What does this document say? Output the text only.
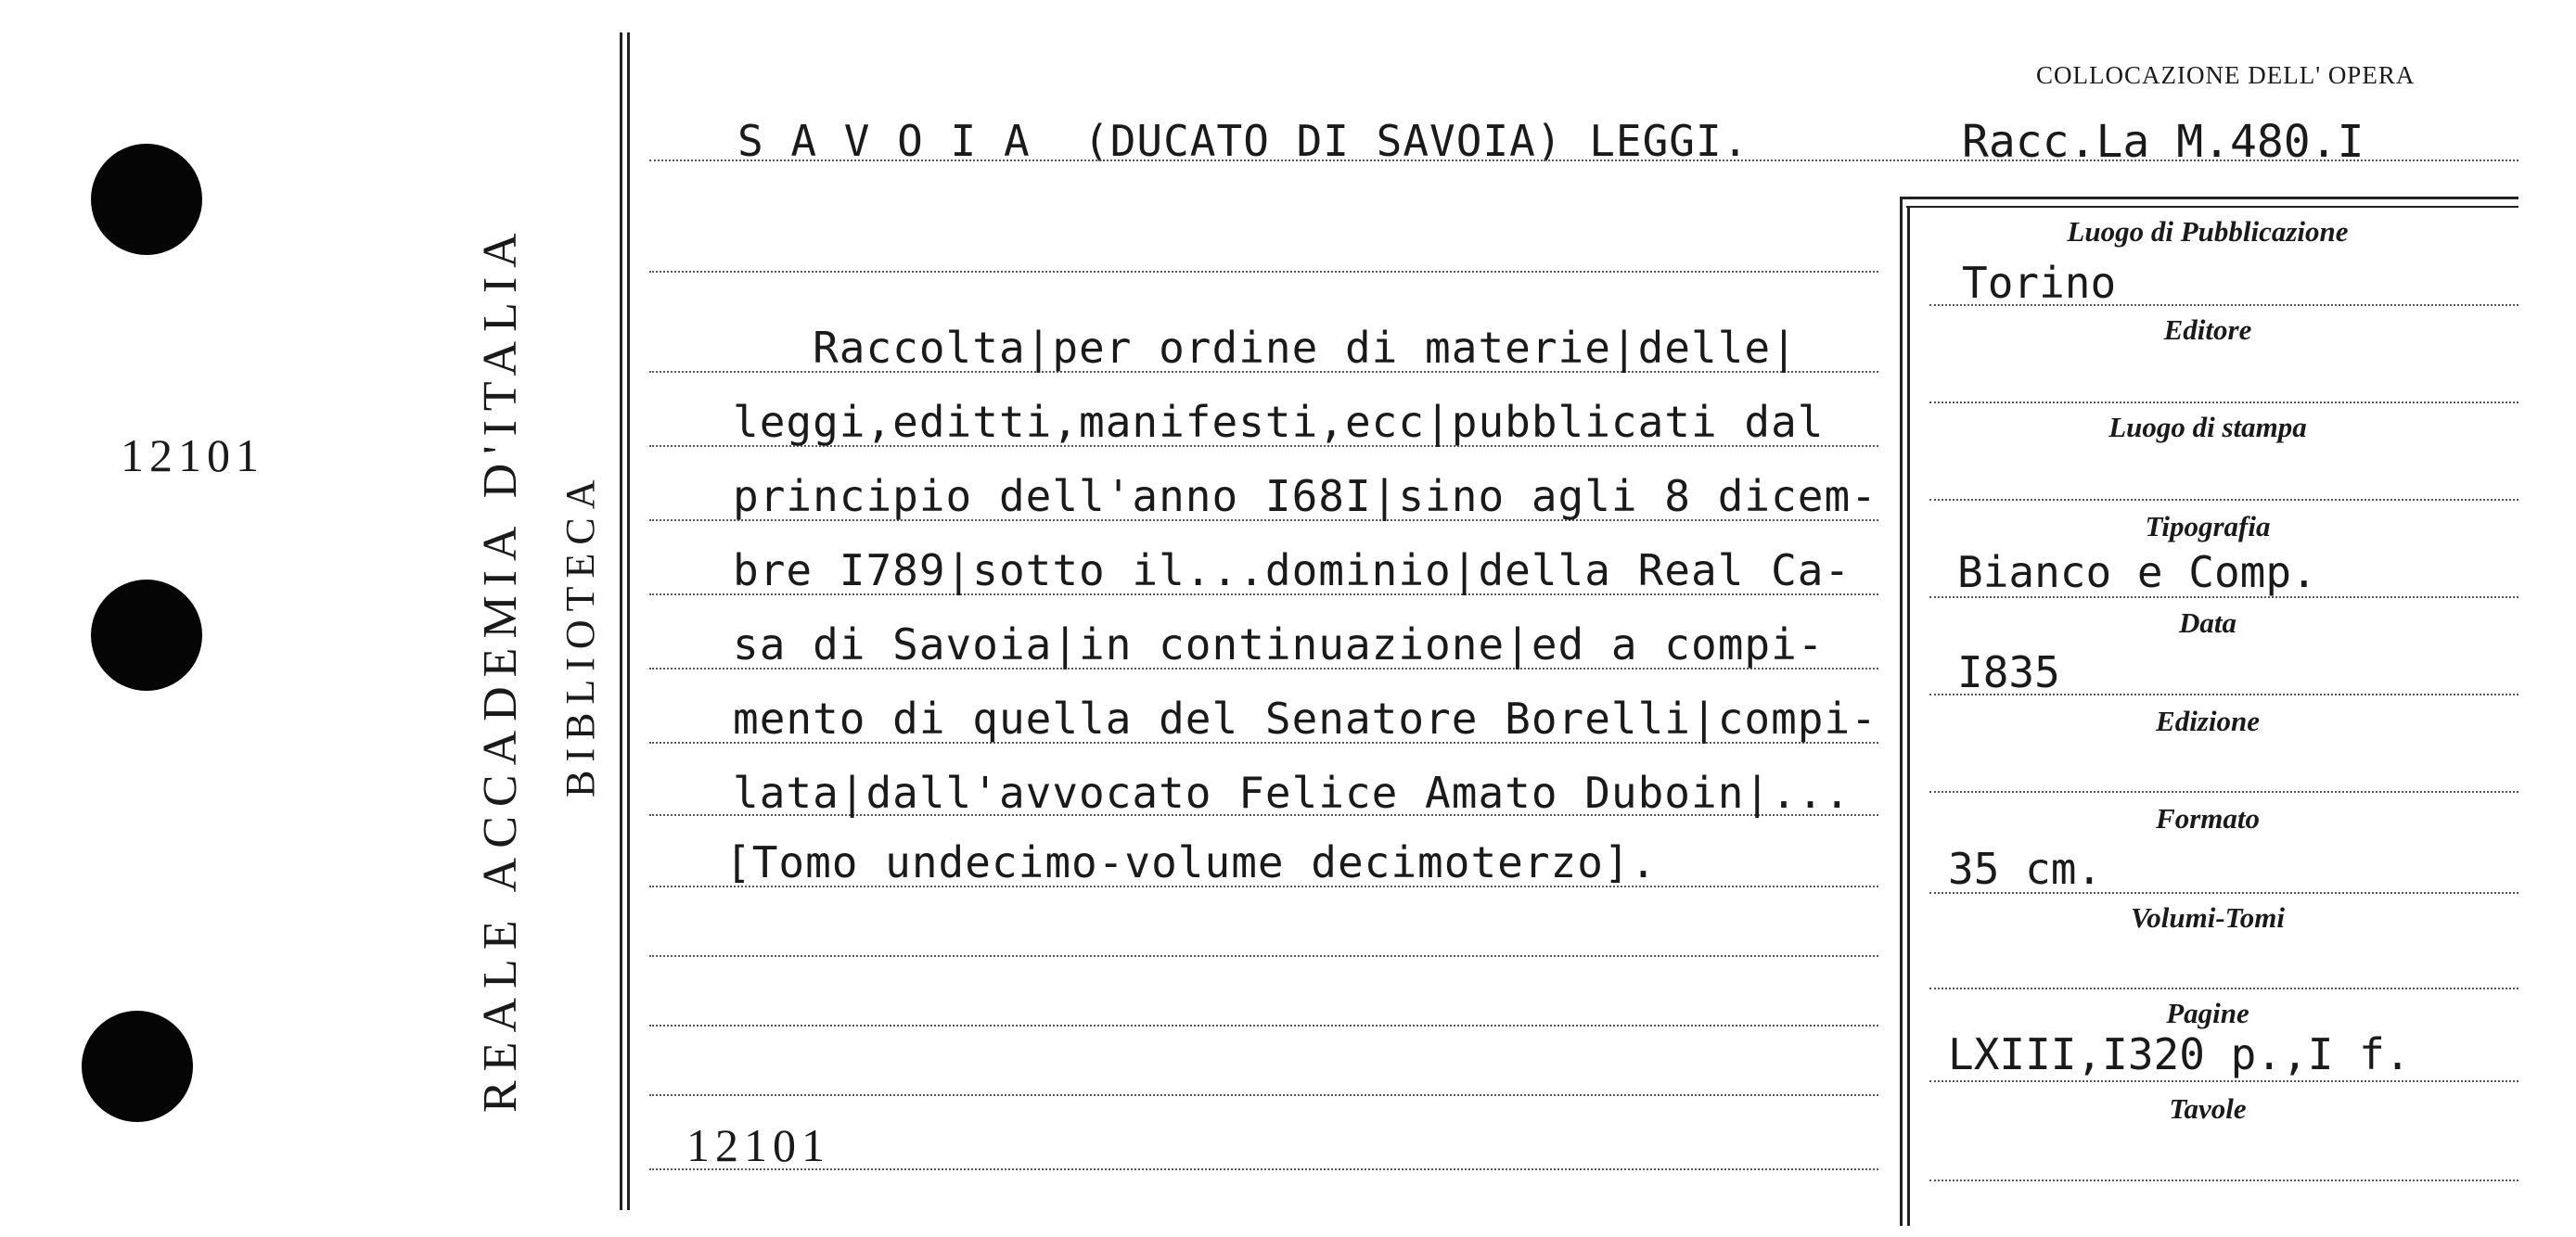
12101	REALE ACCADEMIA D'ITALIA BIBLIOTECA
COLLOCAZIONE DELL' OPERA
Racc.La M.480.I
S A V O I A  (DUCATO DI SAVOIA) LEGGI.
Raccolta|per ordine di materie|delle|
leggi,editti,manifesti,ecc|pubblicati dal
principio dell'anno I68I|sino agli 8 dicem-
bre I789|sotto il...dominio|della Real Ca-
sa di Savoia|in continuazione|ed a compi-
mento di quella del Senatore Borelli|compi-
lata|dall'avvocato Felice Amato Duboin|...
[Tomo undecimo-volume decimoterzo].
12101
Luogo di Pubblicazione
Torino
Editore
Luogo di stampa
Tipografia
Bianco e Comp.
Data
I835
Edizione
Formato
35 cm.
Volumi-Tomi
Pagine
LXIII,I320 p.,I f.
Tavole
